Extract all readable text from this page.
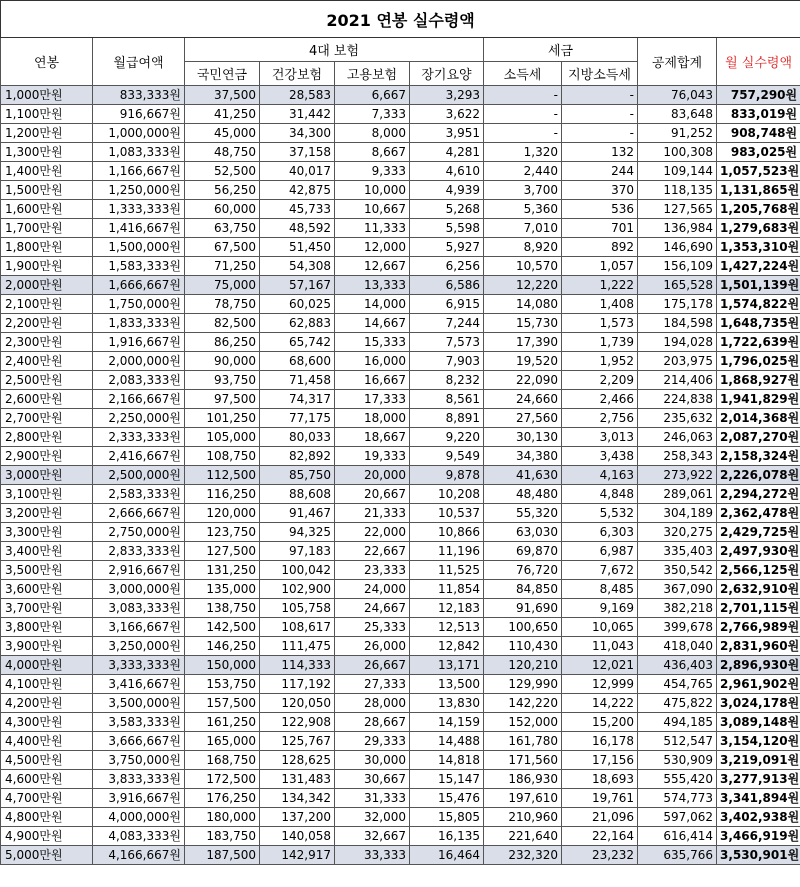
2021 연봉 실수령액									
연봉	월급여액	4대 보험				세금		공제합계	월 실수령액
		국민연금	건강보험	고용보험	장기요양	소득세	지방소득세		
1,000만원	833,333원	37,500	28,583	6,667	3,293	-	-	76,043	757,290원
1,100만원	916,667원	41,250	31,442	7,333	3,622	-	-	83,648	833,019원
1,200만원	1,000,000원	45,000	34,300	8,000	3,951	-	-	91,252	908,748원
1,300만원	1,083,333원	48,750	37,158	8,667	4,281	1,320	132	100,308	983,025원
1,400만원	1,166,667원	52,500	40,017	9,333	4,610	2,440	244	109,144	1,057,523원
1,500만원	1,250,000원	56,250	42,875	10,000	4,939	3,700	370	118,135	1,131,865원
1,600만원	1,333,333원	60,000	45,733	10,667	5,268	5,360	536	127,565	1,205,768원
1,700만원	1,416,667원	63,750	48,592	11,333	5,598	7,010	701	136,984	1,279,683원
1,800만원	1,500,000원	67,500	51,450	12,000	5,927	8,920	892	146,690	1,353,310원
1,900만원	1,583,333원	71,250	54,308	12,667	6,256	10,570	1,057	156,109	1,427,224원
2,000만원	1,666,667원	75,000	57,167	13,333	6,586	12,220	1,222	165,528	1,501,139원
2,100만원	1,750,000원	78,750	60,025	14,000	6,915	14,080	1,408	175,178	1,574,822원
2,200만원	1,833,333원	82,500	62,883	14,667	7,244	15,730	1,573	184,598	1,648,735원
2,300만원	1,916,667원	86,250	65,742	15,333	7,573	17,390	1,739	194,028	1,722,639원
2,400만원	2,000,000원	90,000	68,600	16,000	7,903	19,520	1,952	203,975	1,796,025원
2,500만원	2,083,333원	93,750	71,458	16,667	8,232	22,090	2,209	214,406	1,868,927원
2,600만원	2,166,667원	97,500	74,317	17,333	8,561	24,660	2,466	224,838	1,941,829원
2,700만원	2,250,000원	101,250	77,175	18,000	8,891	27,560	2,756	235,632	2,014,368원
2,800만원	2,333,333원	105,000	80,033	18,667	9,220	30,130	3,013	246,063	2,087,270원
2,900만원	2,416,667원	108,750	82,892	19,333	9,549	34,380	3,438	258,343	2,158,324원
3,000만원	2,500,000원	112,500	85,750	20,000	9,878	41,630	4,163	273,922	2,226,078원
3,100만원	2,583,333원	116,250	88,608	20,667	10,208	48,480	4,848	289,061	2,294,272원
3,200만원	2,666,667원	120,000	91,467	21,333	10,537	55,320	5,532	304,189	2,362,478원
3,300만원	2,750,000원	123,750	94,325	22,000	10,866	63,030	6,303	320,275	2,429,725원
3,400만원	2,833,333원	127,500	97,183	22,667	11,196	69,870	6,987	335,403	2,497,930원
3,500만원	2,916,667원	131,250	100,042	23,333	11,525	76,720	7,672	350,542	2,566,125원
3,600만원	3,000,000원	135,000	102,900	24,000	11,854	84,850	8,485	367,090	2,632,910원
3,700만원	3,083,333원	138,750	105,758	24,667	12,183	91,690	9,169	382,218	2,701,115원
3,800만원	3,166,667원	142,500	108,617	25,333	12,513	100,650	10,065	399,678	2,766,989원
3,900만원	3,250,000원	146,250	111,475	26,000	12,842	110,430	11,043	418,040	2,831,960원
4,000만원	3,333,333원	150,000	114,333	26,667	13,171	120,210	12,021	436,403	2,896,930원
4,100만원	3,416,667원	153,750	117,192	27,333	13,500	129,990	12,999	454,765	2,961,902원
4,200만원	3,500,000원	157,500	120,050	28,000	13,830	142,220	14,222	475,822	3,024,178원
4,300만원	3,583,333원	161,250	122,908	28,667	14,159	152,000	15,200	494,185	3,089,148원
4,400만원	3,666,667원	165,000	125,767	29,333	14,488	161,780	16,178	512,547	3,154,120원
4,500만원	3,750,000원	168,750	128,625	30,000	14,818	171,560	17,156	530,909	3,219,091원
4,600만원	3,833,333원	172,500	131,483	30,667	15,147	186,930	18,693	555,420	3,277,913원
4,700만원	3,916,667원	176,250	134,342	31,333	15,476	197,610	19,761	574,773	3,341,894원
4,800만원	4,000,000원	180,000	137,200	32,000	15,805	210,960	21,096	597,062	3,402,938원
4,900만원	4,083,333원	183,750	140,058	32,667	16,135	221,640	22,164	616,414	3,466,919원
5,000만원	4,166,667원	187,500	142,917	33,333	16,464	232,320	23,232	635,766	3,530,901원
